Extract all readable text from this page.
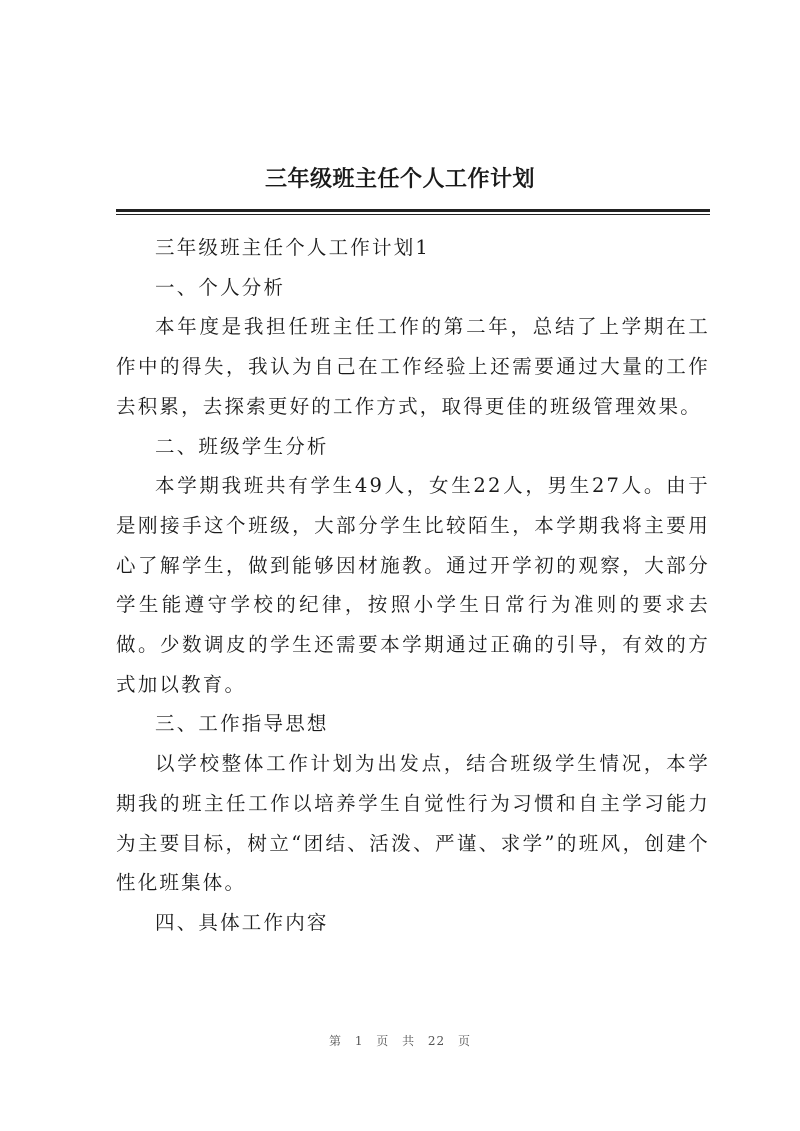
三年级班主任个人工作计划

三年级班主任个人工作计划1

一、个人分析

本年度是我担任班主任工作的第二年，总结了上学期在工作中的得失，我认为自己在工作经验上还需要通过大量的工作去积累，去探索更好的工作方式，取得更佳的班级管理效果。

二、班级学生分析

本学期我班共有学生49人，女生22人，男生27人。由于是刚接手这个班级，大部分学生比较陌生，本学期我将主要用心了解学生，做到能够因材施教。通过开学初的观察，大部分学生能遵守学校的纪律，按照小学生日常行为准则的要求去做。少数调皮的学生还需要本学期通过正确的引导，有效的方式加以教育。

三、工作指导思想

以学校整体工作计划为出发点，结合班级学生情况，本学期我的班主任工作以培养学生自觉性行为习惯和自主学习能力为主要目标，树立“团结、活泼、严谨、求学”的班风，创建个性化班集体。

四、具体工作内容

第 1 页 共 22 页
